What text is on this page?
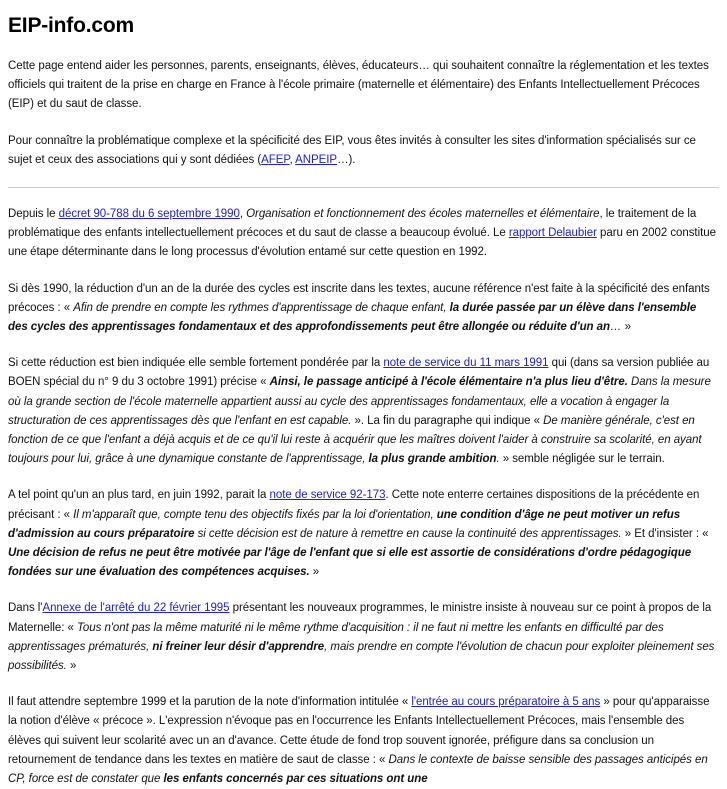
EIP-info.com

Cette page entend aider les personnes, parents, enseignants, élèves, éducateurs… qui souhaitent connaître la réglementation et les textes officiels qui traitent de la prise en charge en France à l'école primaire (maternelle et élémentaire) des Enfants Intellectuellement Précoces (EIP) et du saut de classe.

Pour connaître la problématique complexe et la spécificité des EIP, vous êtes invités à consulter les sites d'information spécialisés sur ce sujet et ceux des associations qui y sont dédiées (AFEP, ANPEIP…).

Depuis le décret 90-788 du 6 septembre 1990, Organisation et fonctionnement des écoles maternelles et élémentaire, le traitement de la problématique des enfants intellectuellement précoces et du saut de classe a beaucoup évolué. Le rapport Delaubier paru en 2002 constitue une étape déterminante dans le long processus d'évolution entamé sur cette question en 1992.

Si dès 1990, la réduction d'un an de la durée des cycles est inscrite dans les textes, aucune référence n'est faite à la spécificité des enfants précoces : « Afin de prendre en compte les rythmes d'apprentissage de chaque enfant, la durée passée par un élève dans l'ensemble des cycles des apprentissages fondamentaux et des approfondissements peut être allongée ou réduite d'un an… »

Si cette réduction est bien indiquée elle semble fortement pondérée par la note de service du 11 mars 1991 qui (dans sa version publiée au BOEN spécial du n° 9 du 3 octobre 1991) précise « Ainsi, le passage anticipé à l'école élémentaire n'a plus lieu d'être. Dans la mesure où la grande section de l'école maternelle appartient aussi au cycle des apprentissages fondamentaux, elle a vocation à engager la structuration de ces apprentissages dès que l'enfant en est capable. ». La fin du paragraphe qui indique « De manière générale, c'est en fonction de ce que l'enfant a déjà acquis et de ce qu'il lui reste à acquérir que les maîtres doivent l'aider à construire sa scolarité, en ayant toujours pour lui, grâce à une dynamique constante de l'apprentissage, la plus grande ambition. » semble négligée sur le terrain.

A tel point qu'un an plus tard, en juin 1992, parait la note de service 92-173. Cette note enterre certaines dispositions de la précédente en précisant : « Il m'apparaît que, compte tenu des objectifs fixés par la loi d'orientation, une condition d'âge ne peut motiver un refus d'admission au cours préparatoire si cette décision est de nature à remettre en cause la continuité des apprentissages. » Et d'insister : « Une décision de refus ne peut être motivée par l'âge de l'enfant que si elle est assortie de considérations d'ordre pédagogique fondées sur une évaluation des compétences acquises. »

Dans l'Annexe de l'arrêté du 22 février 1995 présentant les nouveaux programmes, le ministre insiste à nouveau sur ce point à propos de la Maternelle: « Tous n'ont pas la même maturité ni le même rythme d'acquisition : il ne faut ni mettre les enfants en difficulté par des apprentissages prématurés, ni freiner leur désir d'apprendre, mais prendre en compte l'évolution de chacun pour exploiter pleinement ses possibilités. »

Il faut attendre septembre 1999 et la parution de la note d'information intitulée « l'entrée au cours préparatoire à 5 ans » pour qu'apparaisse la notion d'élève « précoce ». L'expression n'évoque pas en l'occurrence les Enfants Intellectuellement Précoces, mais l'ensemble des élèves qui suivent leur scolarité avec un an d'avance. Cette étude de fond trop souvent ignorée, préfigure dans sa conclusion un retournement de tendance dans les textes en matière de saut de classe : « Dans le contexte de baisse sensible des passages anticipés en CP, force est de constater que les enfants concernés par ces situations ont une
